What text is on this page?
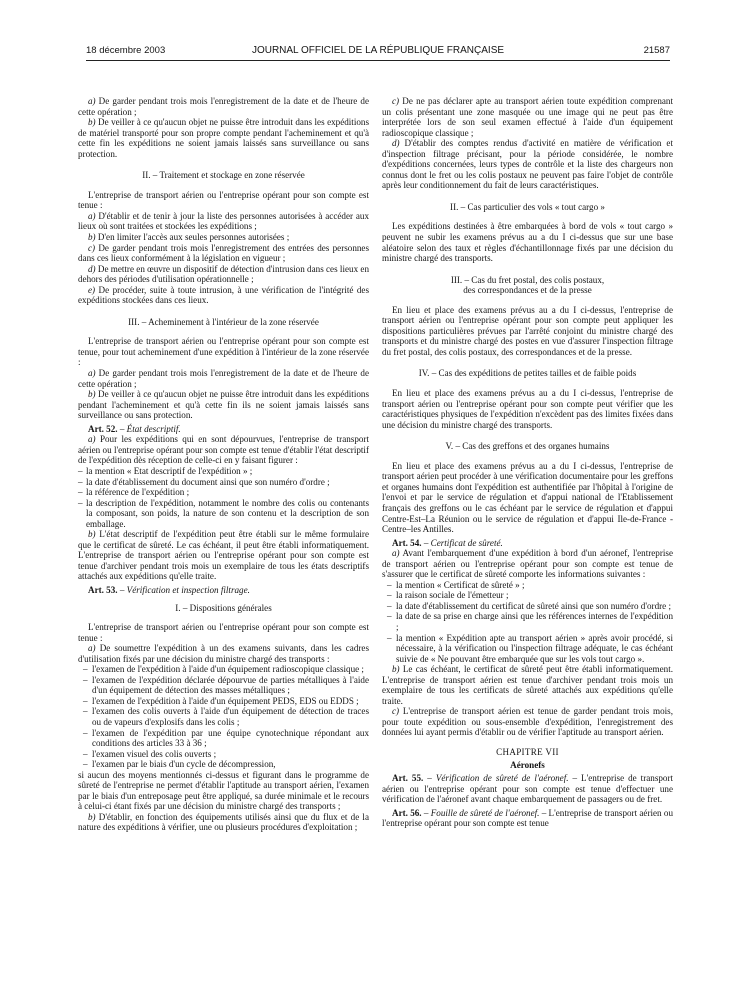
18 décembre 2003	JOURNAL OFFICIEL DE LA RÉPUBLIQUE FRANÇAISE	21587

a) De garder pendant trois mois l'enregistrement de la date et de l'heure de cette opération ;

b) De veiller à ce qu'aucun objet ne puisse être introduit dans les expéditions de matériel transporté pour son propre compte pendant l'acheminement et qu'à cette fin les expéditions ne soient jamais laissés sans surveillance ou sans protection.

II. – Traitement et stockage en zone réservée

L'entreprise de transport aérien ou l'entreprise opérant pour son compte est tenue :

a) D'établir et de tenir à jour la liste des personnes autorisées à accéder aux lieux où sont traitées et stockées les expéditions ;

b) D'en limiter l'accès aux seules personnes autorisées ;

c) De garder pendant trois mois l'enregistrement des entrées des personnes dans ces lieux conformément à la législation en vigueur ;

d) De mettre en œuvre un dispositif de détection d'intrusion dans ces lieux en dehors des périodes d'utilisation opérationnelle ;

e) De procéder, suite à toute intrusion, à une vérification de l'intégrité des expéditions stockées dans ces lieux.

III. – Acheminement à l'intérieur de la zone réservée

L'entreprise de transport aérien ou l'entreprise opérant pour son compte est tenue, pour tout acheminement d'une expédition à l'intérieur de la zone réservée :

a) De garder pendant trois mois l'enregistrement de la date et de l'heure de cette opération ;

b) De veiller à ce qu'aucun objet ne puisse être introduit dans les expéditions pendant l'acheminement et qu'à cette fin ils ne soient jamais laissés sans surveillance ou sans protection.

Art. 52. – État descriptif.

a) Pour les expéditions qui en sont dépourvues, l'entreprise de transport aérien ou l'entreprise opérant pour son compte est tenue d'établir l'état descriptif de l'expédition dès réception de celle-ci en y faisant figurer :

– la mention « Etat descriptif de l'expédition » ;
– la date d'établissement du document ainsi que son numéro d'ordre ;
– la référence de l'expédition ;
– la description de l'expédition, notamment le nombre des colis ou contenants la composant, son poids, la nature de son contenu et la description de son emballage.

b) L'état descriptif de l'expédition peut être établi sur le même formulaire que le certificat de sûreté. Le cas échéant, il peut être établi informatiquement. L'entreprise de transport aérien ou l'entreprise opérant pour son compte est tenue d'archiver pendant trois mois un exemplaire de tous les états descriptifs attachés aux expéditions qu'elle traite.

Art. 53. – Vérification et inspection filtrage.

I. – Dispositions générales

L'entreprise de transport aérien ou l'entreprise opérant pour son compte est tenue :

a) De soumettre l'expédition à un des examens suivants, dans les cadres d'utilisation fixés par une décision du ministre chargé des transports :

– l'examen de l'expédition à l'aide d'un équipement radioscopique classique ;
– l'examen de l'expédition déclarée dépourvue de parties métalliques à l'aide d'un équipement de détection des masses métalliques ;
– l'examen de l'expédition à l'aide d'un équipement PEDS, EDS ou EDDS ;
– l'examen des colis ouverts à l'aide d'un équipement de détection de traces ou de vapeurs d'explosifs dans les colis ;
– l'examen de l'expédition par une équipe cynotechnique répondant aux conditions des articles 33 à 36 ;
– l'examen visuel des colis ouverts ;
– l'examen par le biais d'un cycle de décompression,

si aucun des moyens mentionnés ci-dessus et figurant dans le programme de sûreté de l'entreprise ne permet d'établir l'aptitude au transport aérien, l'examen par le biais d'un entreposage peut être appliqué, sa durée minimale et le recours à celui-ci étant fixés par une décision du ministre chargé des transports ;

b) D'établir, en fonction des équipements utilisés ainsi que du flux et de la nature des expéditions à vérifier, une ou plusieurs procédures d'exploitation ;

c) De ne pas déclarer apte au transport aérien toute expédition comprenant un colis présentant une zone masquée ou une image qui ne peut pas être interprétée lors de son seul examen effectué à l'aide d'un équipement radioscopique classique ;

d) D'établir des comptes rendus d'activité en matière de vérification et d'inspection filtrage précisant, pour la période considérée, le nombre d'expéditions concernées, leurs types de contrôle et la liste des chargeurs non connus dont le fret ou les colis postaux ne peuvent pas faire l'objet de contrôle après leur conditionnement du fait de leurs caractéristiques.

II. – Cas particulier des vols « tout cargo »

Les expéditions destinées à être embarquées à bord de vols « tout cargo » peuvent ne subir les examens prévus au a du I ci-dessus que sur une base aléatoire selon des taux et règles d'échantillonnage fixés par une décision du ministre chargé des transports.

III. – Cas du fret postal, des colis postaux,

des correspondances et de la presse

En lieu et place des examens prévus au a du I ci-dessus, l'entreprise de transport aérien ou l'entreprise opérant pour son compte peut appliquer les dispositions particulières prévues par l'arrêté conjoint du ministre chargé des transports et du ministre chargé des postes en vue d'assurer l'inspection filtrage du fret postal, des colis postaux, des correspondances et de la presse.

IV. – Cas des expéditions de petites tailles et de faible poids

En lieu et place des examens prévus au a du I ci-dessus, l'entreprise de transport aérien ou l'entreprise opérant pour son compte peut vérifier que les caractéristiques physiques de l'expédition n'excèdent pas des limites fixées dans une décision du ministre chargé des transports.

V. – Cas des greffons et des organes humains

En lieu et place des examens prévus au a du I ci-dessus, l'entreprise de transport aérien peut procéder à une vérification documentaire pour les greffons et organes humains dont l'expédition est authentifiée par l'hôpital à l'origine de l'envoi et par le service de régulation et d'appui national de l'Etablissement français des greffons ou le cas échéant par le service de régulation et d'appui Centre-Est–La Réunion ou le service de régulation et d'appui Ile-de-France - Centre–les Antilles.

Art. 54. – Certificat de sûreté.

a) Avant l'embarquement d'une expédition à bord d'un aéronef, l'entreprise de transport aérien ou l'entreprise opérant pour son compte est tenue de s'assurer que le certificat de sûreté comporte les informations suivantes :

– la mention « Certificat de sûreté » ;
– la raison sociale de l'émetteur ;
– la date d'établissement du certificat de sûreté ainsi que son numéro d'ordre ;
– la date de sa prise en charge ainsi que les références internes de l'expédition ;
– la mention « Expédition apte au transport aérien » après avoir procédé, si nécessaire, à la vérification ou l'inspection filtrage adéquate, le cas échéant suivie de « Ne pouvant être embarquée que sur les vols tout cargo ».

b) Le cas échéant, le certificat de sûreté peut être établi informatiquement. L'entreprise de transport aérien est tenue d'archiver pendant trois mois un exemplaire de tous les certificats de sûreté attachés aux expéditions qu'elle traite.

c) L'entreprise de transport aérien est tenue de garder pendant trois mois, pour toute expédition ou sous-ensemble d'expédition, l'enregistrement des données lui ayant permis d'établir ou de vérifier l'aptitude au transport aérien.

CHAPITRE VII

Aéronefs

Art. 55. – Vérification de sûreté de l'aéronef. – L'entreprise de transport aérien ou l'entreprise opérant pour son compte est tenue d'effectuer une vérification de l'aéronef avant chaque embarquement de passagers ou de fret.

Art. 56. – Fouille de sûreté de l'aéronef. – L'entreprise de transport aérien ou l'entreprise opérant pour son compte est tenue
